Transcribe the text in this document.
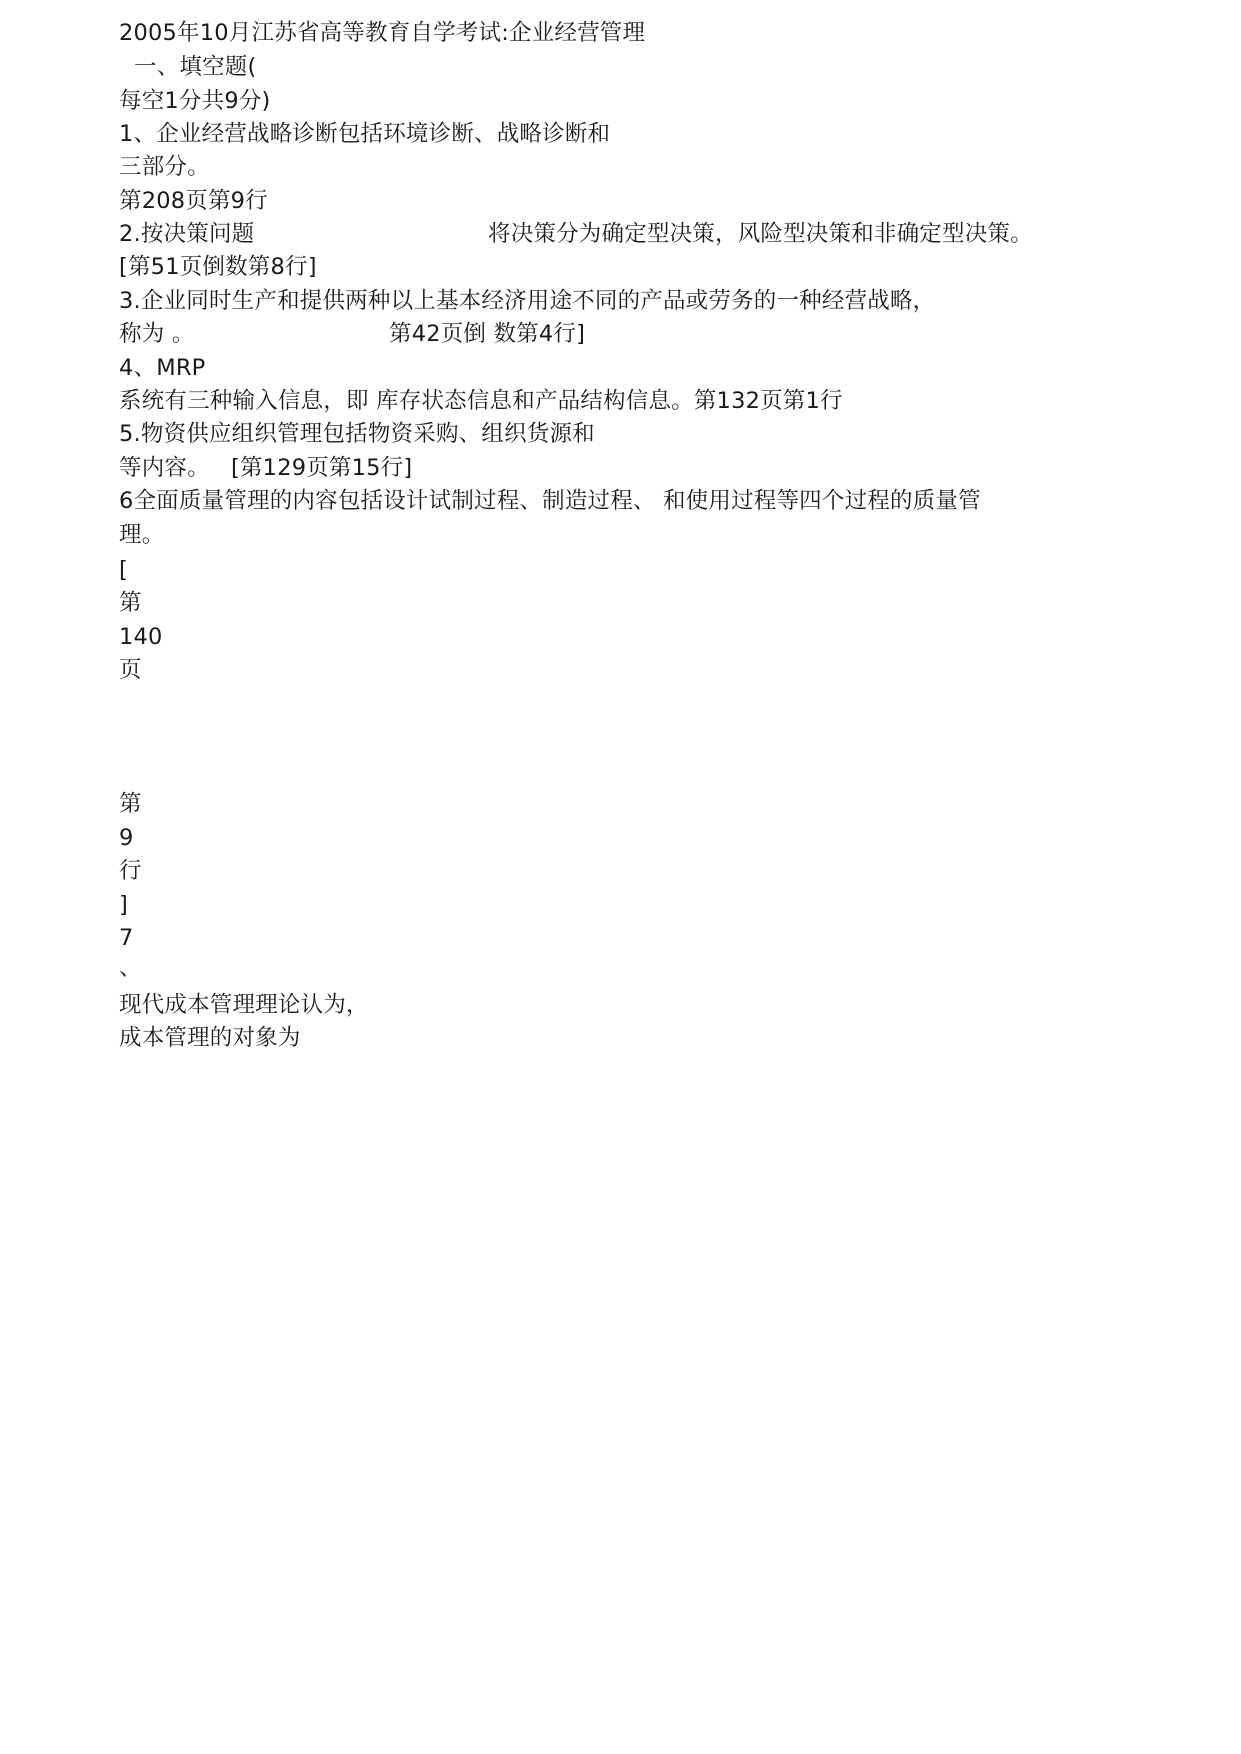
2005年10月江苏省高等教育自学考试:企业经营管理
一、填空题(
每空1分共9分)
1、企业经营战略诊断包括环境诊断、战略诊断和
三部分。
第208页第9行
2.按决策问题	将决策分为确定型决策，风险型决策和非确定型决策。
[第51页倒数第8行]
3.企业同时生产和提供两种以上基本经济用途不同的产品或劳务的一种经营战略，
称为 。	第42页倒 数第4行]
4、MRP
系统有三种输入信息，即 库存状态信息和产品结构信息。第132页第1行
5.物资供应组织管理包括物资采购、组织货源和
等内容。 [第129页第15行]
6全面质量管理的内容包括设计试制过程、制造过程、 和使用过程等四个过程的质量管
理。
[
第
140
页
第
9
行
]
7
、
现代成本管理理论认为，
成本管理的对象为
